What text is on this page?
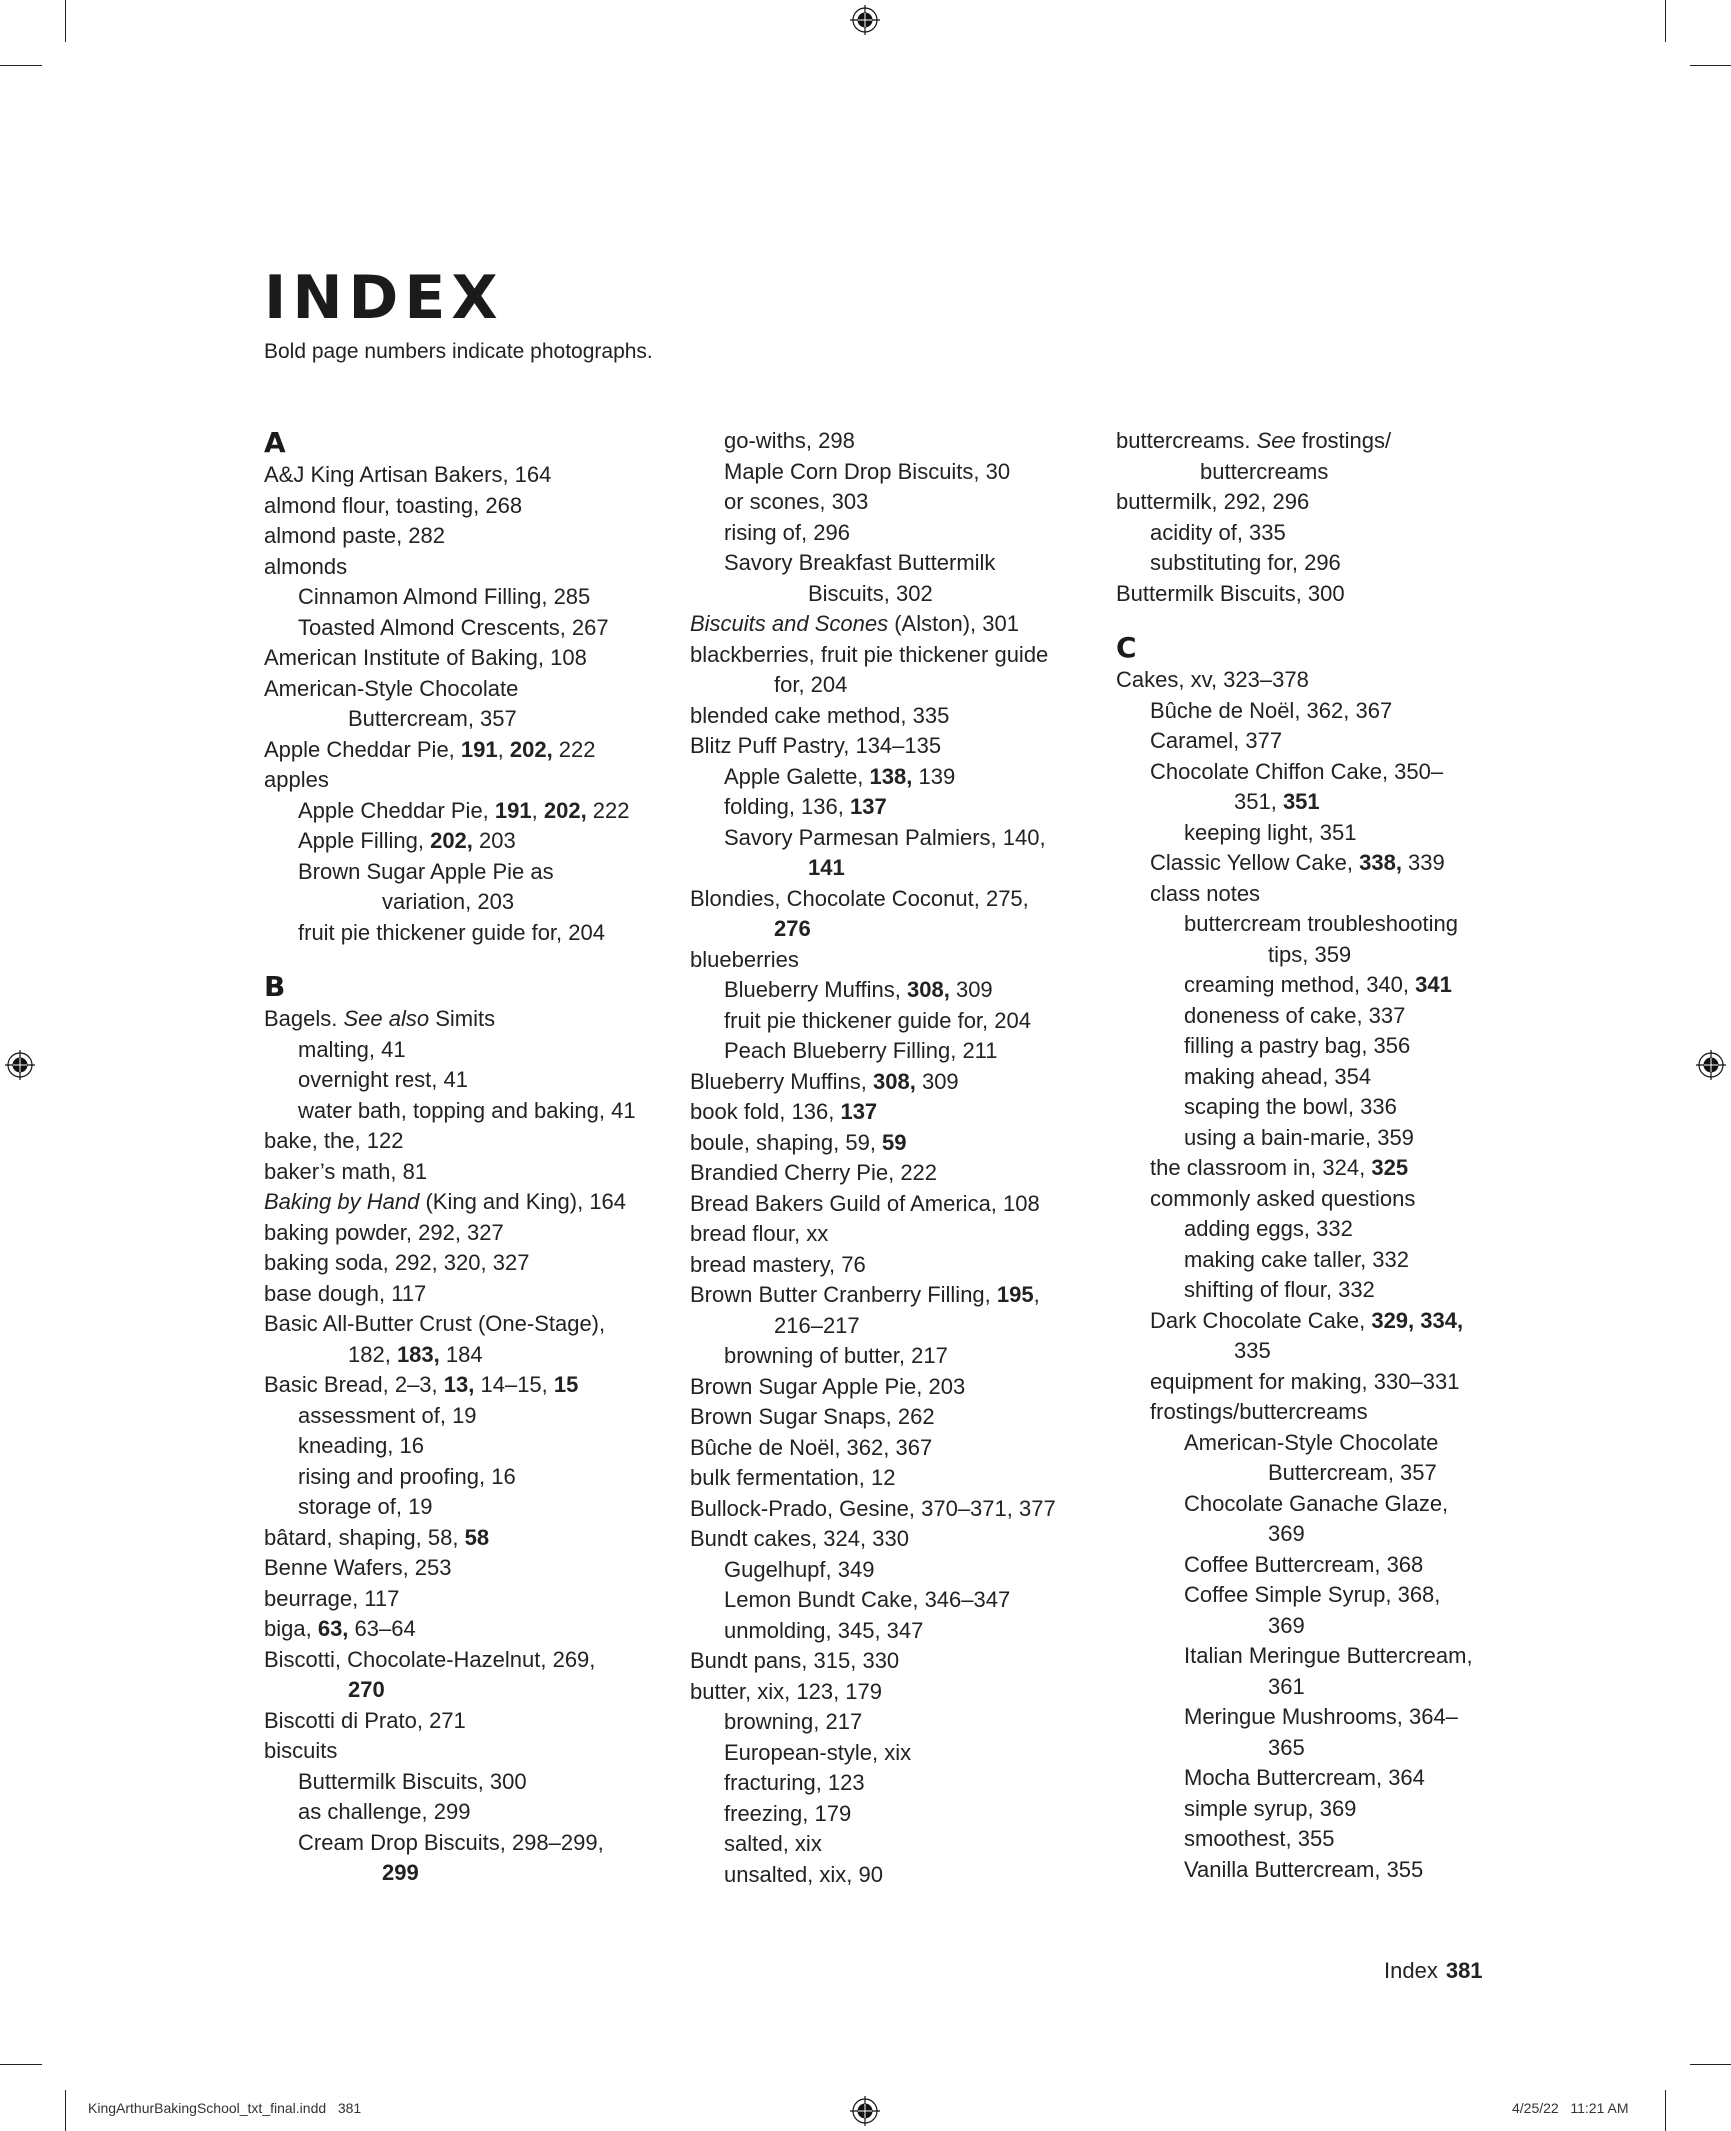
INDEX
Bold page numbers indicate photographs.
A
A&J King Artisan Bakers, 164
almond flour, toasting, 268
almond paste, 282
almonds
Cinnamon Almond Filling, 285
Toasted Almond Crescents, 267
American Institute of Baking, 108
American-Style Chocolate
Buttercream, 357
Apple Cheddar Pie, 191, 202, 222
apples
Apple Cheddar Pie, 191, 202, 222
Apple Filling, 202, 203
Brown Sugar Apple Pie as
variation, 203
fruit pie thickener guide for, 204
B
Bagels. See also Simits
malting, 41
overnight rest, 41
water bath, topping and baking, 41
bake, the, 122
baker’s math, 81
Baking by Hand (King and King), 164
baking powder, 292, 327
baking soda, 292, 320, 327
base dough, 117
Basic All-Butter Crust (One-Stage),
182, 183, 184
Basic Bread, 2–3, 13, 14–15, 15
assessment of, 19
kneading, 16
rising and proofing, 16
storage of, 19
bâtard, shaping, 58, 58
Benne Wafers, 253
beurrage, 117
biga, 63, 63–64
Biscotti, Chocolate-Hazelnut, 269,
270
Biscotti di Prato, 271
biscuits
Buttermilk Biscuits, 300
as challenge, 299
Cream Drop Biscuits, 298–299,
299
go-withs, 298
Maple Corn Drop Biscuits, 30
or scones, 303
rising of, 296
Savory Breakfast Buttermilk
Biscuits, 302
Biscuits and Scones (Alston), 301
blackberries, fruit pie thickener guide
for, 204
blended cake method, 335
Blitz Puff Pastry, 134–135
Apple Galette, 138, 139
folding, 136, 137
Savory Parmesan Palmiers, 140,
141
Blondies, Chocolate Coconut, 275,
276
blueberries
Blueberry Muffins, 308, 309
fruit pie thickener guide for, 204
Peach Blueberry Filling, 211
Blueberry Muffins, 308, 309
book fold, 136, 137
boule, shaping, 59, 59
Brandied Cherry Pie, 222
Bread Bakers Guild of America, 108
bread flour, xx
bread mastery, 76
Brown Butter Cranberry Filling, 195,
216–217
browning of butter, 217
Brown Sugar Apple Pie, 203
Brown Sugar Snaps, 262
Bûche de Noël, 362, 367
bulk fermentation, 12
Bullock-Prado, Gesine, 370–371, 377
Bundt cakes, 324, 330
Gugelhupf, 349
Lemon Bundt Cake, 346–347
unmolding, 345, 347
Bundt pans, 315, 330
butter, xix, 123, 179
browning, 217
European-style, xix
fracturing, 123
freezing, 179
salted, xix
unsalted, xix, 90
buttercreams. See frostings/
buttercreams
buttermilk, 292, 296
acidity of, 335
substituting for, 296
Buttermilk Biscuits, 300
C
Cakes, xv, 323–378
Bûche de Noël, 362, 367
Caramel, 377
Chocolate Chiffon Cake, 350–
351, 351
keeping light, 351
Classic Yellow Cake, 338, 339
class notes
buttercream troubleshooting
tips, 359
creaming method, 340, 341
doneness of cake, 337
filling a pastry bag, 356
making ahead, 354
scaping the bowl, 336
using a bain-marie, 359
the classroom in, 324, 325
commonly asked questions
adding eggs, 332
making cake taller, 332
shifting of flour, 332
Dark Chocolate Cake, 329, 334,
335
equipment for making, 330–331
frostings/buttercreams
American-Style Chocolate
Buttercream, 357
Chocolate Ganache Glaze,
369
Coffee Buttercream, 368
Coffee Simple Syrup, 368,
369
Italian Meringue Buttercream,
361
Meringue Mushrooms, 364–
365
Mocha Buttercream, 364
simple syrup, 369
smoothest, 355
Vanilla Buttercream, 355
Index 381
KingArthurBakingSchool_txt_final.indd   381	4/25/22   11:21 AM
